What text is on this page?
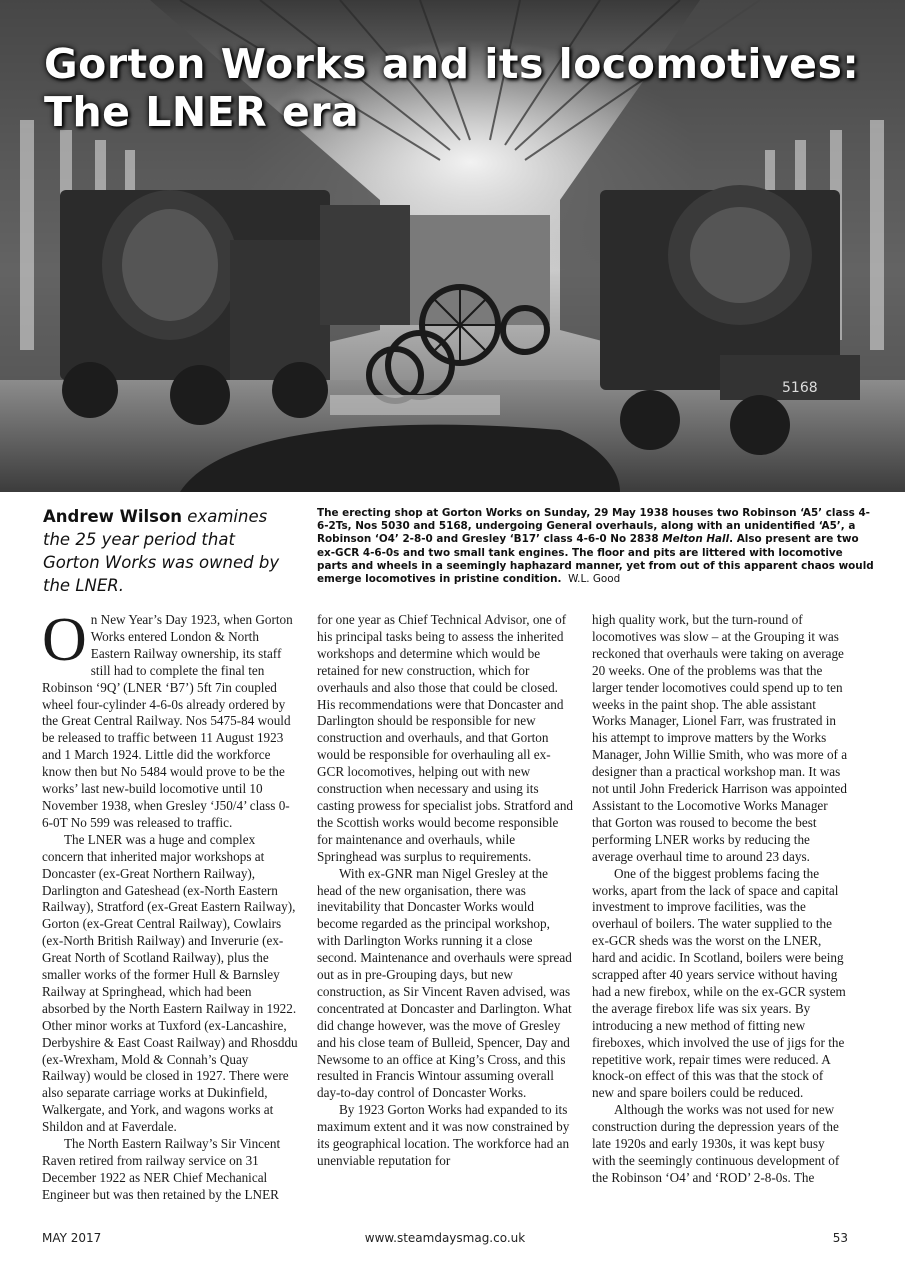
5168
Gorton Works and its locomotives:
The LNER era
Andrew Wilson examines the 25 year period that Gorton Works was owned by the LNER.
The erecting shop at Gorton Works on Sunday, 29 May 1938 houses two Robinson ‘A5’ class 4-6-2Ts, Nos 5030 and 5168, undergoing General overhauls, along with an unidentified ‘A5’, a Robinson ‘O4’ 2-8-0 and Gresley ‘B17’ class 4-6-0 No 2838 Melton Hall. Also present are two ex-GCR 4-6-0s and two small tank engines. The floor and pits are littered with locomotive parts and wheels in a seemingly haphazard manner, yet from out of this apparent chaos would emerge locomotives in pristine condition. W.L. Good

On New Year’s Day 1923, when Gorton Works entered London & North Eastern Railway ownership, its staff still had to complete the final ten Robinson ‘9Q’ (LNER ‘B7’) 5ft 7in coupled wheel four-cylinder 4-6-0s already ordered by the Great Central Railway. Nos 5475-84 would be released to traffic between 11 August 1923 and 1 March 1924. Little did the workforce know then but No 5484 would prove to be the works’ last new-build locomotive until 10 November 1938, when Gresley ‘J50/4’ class 0-6-0T No 599 was released to traffic.

The LNER was a huge and complex concern that inherited major workshops at Doncaster (ex-Great Northern Railway), Darlington and Gateshead (ex-North Eastern Railway), Stratford (ex-Great Eastern Railway), Gorton (ex-Great Central Railway), Cowlairs (ex-North British Railway) and Inverurie (ex-Great North of Scotland Railway), plus the smaller works of the former Hull & Barnsley Railway at Springhead, which had been absorbed by the North Eastern Railway in 1922. Other minor works at Tuxford (ex-Lancashire, Derbyshire & East Coast Railway) and Rhosddu (ex-Wrexham, Mold & Connah’s Quay Railway) would be closed in 1927. There were also separate carriage works at Dukinfield, Walkergate, and York, and wagons works at Shildon and at Faverdale.

The North Eastern Railway’s Sir Vincent Raven retired from railway service on 31 December 1922 as NER Chief Mechanical Engineer but was then retained by the LNER

for one year as Chief Technical Advisor, one of his principal tasks being to assess the inherited workshops and determine which would be retained for new construction, which for overhauls and also those that could be closed. His recommendations were that Doncaster and Darlington should be responsible for new construction and overhauls, and that Gorton would be responsible for overhauling all ex-GCR locomotives, helping out with new construction when necessary and using its casting prowess for specialist jobs. Stratford and the Scottish works would become responsible for maintenance and overhauls, while Springhead was surplus to requirements.

With ex-GNR man Nigel Gresley at the head of the new organisation, there was inevitability that Doncaster Works would become regarded as the principal workshop, with Darlington Works running it a close second. Maintenance and overhauls were spread out as in pre-Grouping days, but new construction, as Sir Vincent Raven advised, was concentrated at Doncaster and Darlington. What did change however, was the move of Gresley and his close team of Bulleid, Spencer, Day and Newsome to an office at King’s Cross, and this resulted in Francis Wintour assuming overall day-to-day control of Doncaster Works.

By 1923 Gorton Works had expanded to its maximum extent and it was now constrained by its geographical location. The workforce had an unenviable reputation for

high quality work, but the turn-round of locomotives was slow – at the Grouping it was reckoned that overhauls were taking on average 20 weeks. One of the problems was that the larger tender locomotives could spend up to ten weeks in the paint shop. The able assistant Works Manager, Lionel Farr, was frustrated in his attempt to improve matters by the Works Manager, John Willie Smith, who was more of a designer than a practical workshop man. It was not until John Frederick Harrison was appointed Assistant to the Locomotive Works Manager that Gorton was roused to become the best performing LNER works by reducing the average overhaul time to around 23 days.

One of the biggest problems facing the works, apart from the lack of space and capital investment to improve facilities, was the overhaul of boilers. The water supplied to the ex-GCR sheds was the worst on the LNER, hard and acidic. In Scotland, boilers were being scrapped after 40 years service without having had a new firebox, while on the ex-GCR system the average firebox life was six years. By introducing a new method of fitting new fireboxes, which involved the use of jigs for the repetitive work, repair times were reduced. A knock-on effect of this was that the stock of new and spare boilers could be reduced.

Although the works was not used for new construction during the depression years of the late 1920s and early 1930s, it was kept busy with the seemingly continuous development of the Robinson ‘O4’ and ‘ROD’ 2-8-0s. The

MAY 2017	www.steamdaysmag.co.uk	53
